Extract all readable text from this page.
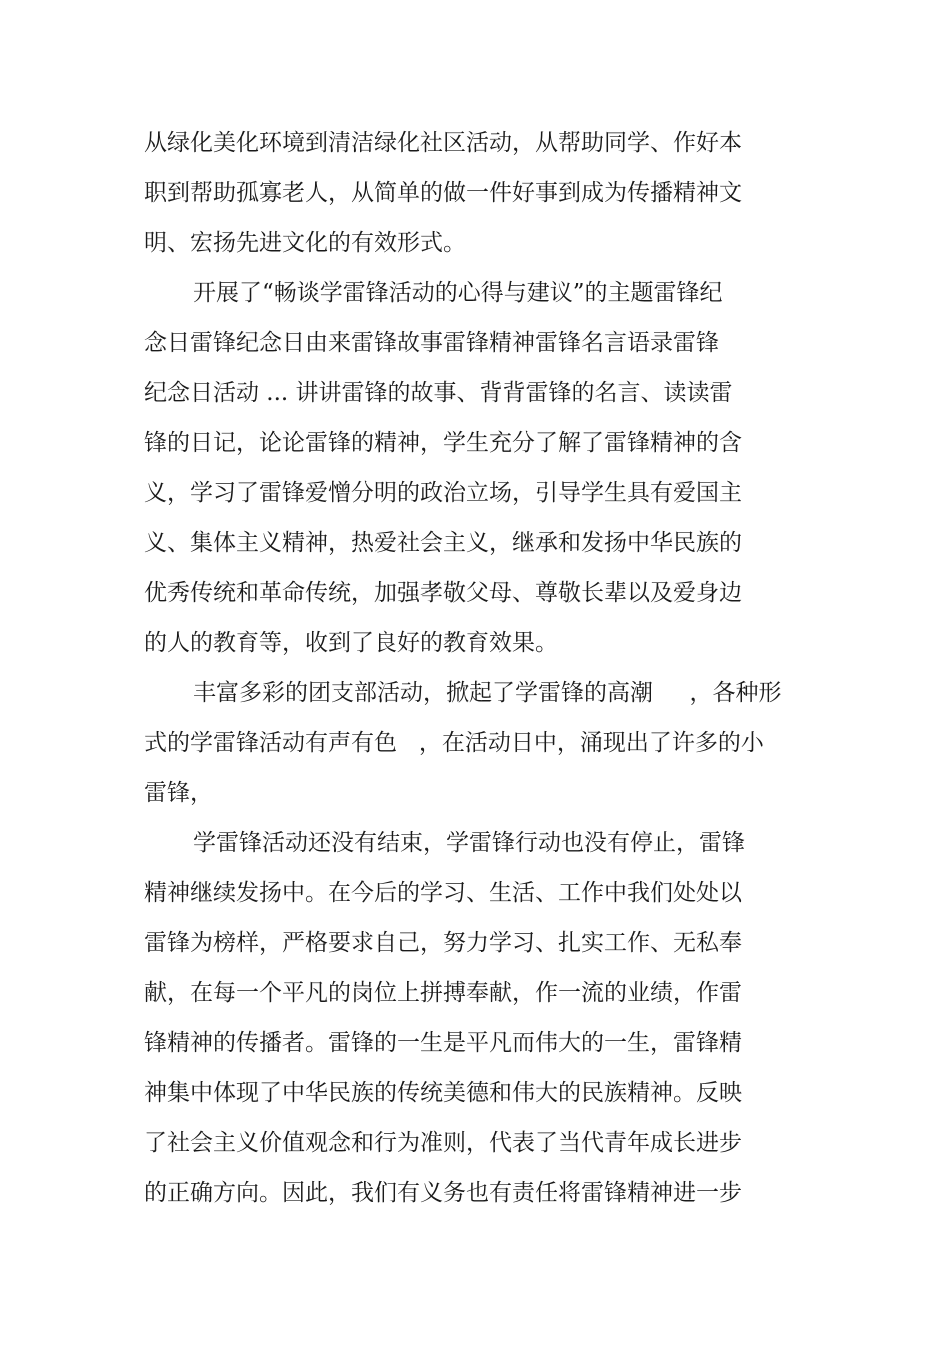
从绿化美化环境到清洁绿化社区活动，从帮助同学、作好本
职到帮助孤寡老人，从简单的做一件好事到成为传播精神文
明、宏扬先进文化的有效形式。
开展了“畅谈学雷锋活动的心得与建议”的主题雷锋纪
念日雷锋纪念日由来雷锋故事雷锋精神雷锋名言语录雷锋
纪念日活动 ... 讲讲雷锋的故事、背背雷锋的名言、读读雷
锋的日记，论论雷锋的精神，学生充分了解了雷锋精神的含
义，学习了雷锋爱憎分明的政治立场，引导学生具有爱国主
义、集体主义精神，热爱社会主义，继承和发扬中华民族的
优秀传统和革命传统，加强孝敬父母、尊敬长辈以及爱身边
的人的教育等，收到了良好的教育效果。
丰富多彩的团支部活动，掀起了学雷锋的高潮     ，各种形
式的学雷锋活动有声有色   ，在活动日中，涌现出了许多的小
雷锋，
学雷锋活动还没有结束，学雷锋行动也没有停止，雷锋
精神继续发扬中。在今后的学习、生活、工作中我们处处以
雷锋为榜样，严格要求自己，努力学习、扎实工作、无私奉
献，在每一个平凡的岗位上拼搏奉献，作一流的业绩，作雷
锋精神的传播者。雷锋的一生是平凡而伟大的一生，雷锋精
神集中体现了中华民族的传统美德和伟大的民族精神。反映
了社会主义价值观念和行为准则，代表了当代青年成长进步
的正确方向。因此，我们有义务也有责任将雷锋精神进一步
